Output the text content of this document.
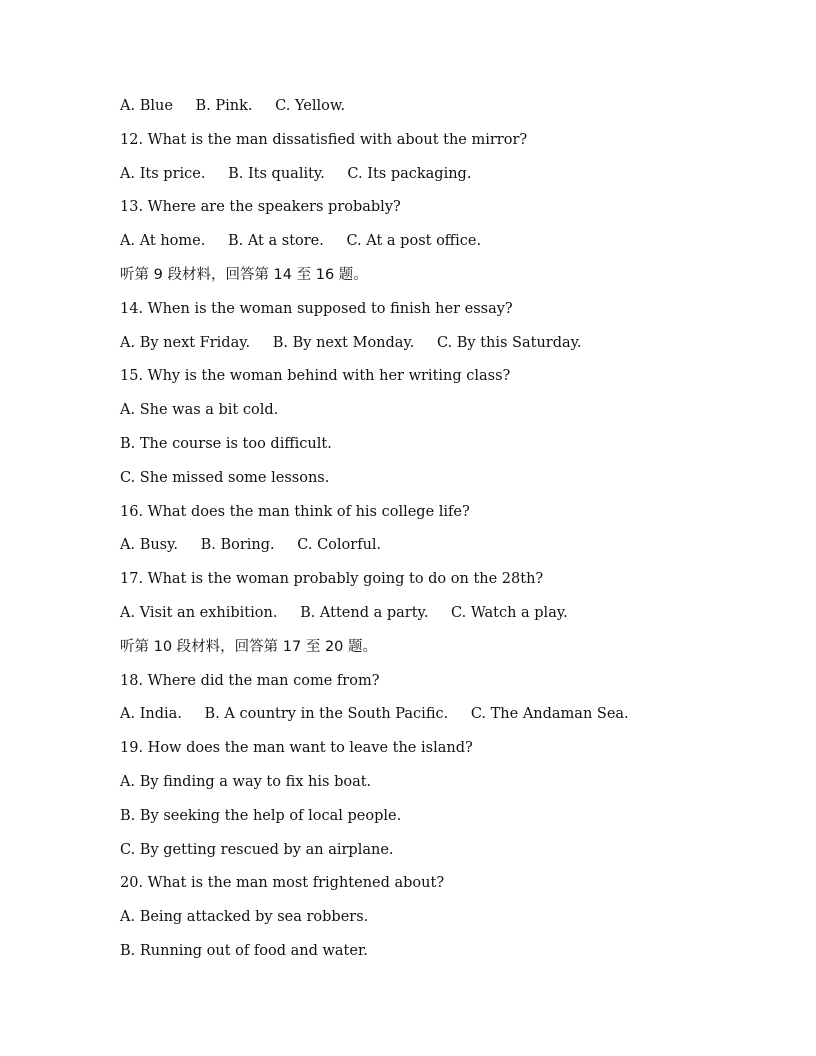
A. Blue B. Pink. C. Yellow.
12. What is the man dissatisfied with about the mirror?
A. Its price. B. Its quality. C. Its packaging.
13. Where are the speakers probably?
A. At home. B. At a store. C. At a post office.
听第 9 段材料，回答第 14 至 16 题。
14. When is the woman supposed to finish her essay?
A. By next Friday. B. By next Monday. C. By this Saturday.
15. Why is the woman behind with her writing class?
A. She was a bit cold.
B. The course is too difficult.
C. She missed some lessons.
16. What does the man think of his college life?
A. Busy. B. Boring. C. Colorful.
17. What is the woman probably going to do on the 28th?
A. Visit an exhibition. B. Attend a party. C. Watch a play.
听第 10 段材料，回答第 17 至 20 题。
18. Where did the man come from?
A. India. B. A country in the South Pacific. C. The Andaman Sea.
19. How does the man want to leave the island?
A. By finding a way to fix his boat.
B. By seeking the help of local people.
C. By getting rescued by an airplane.
20. What is the man most frightened about?
A. Being attacked by sea robbers.
B. Running out of food and water.
